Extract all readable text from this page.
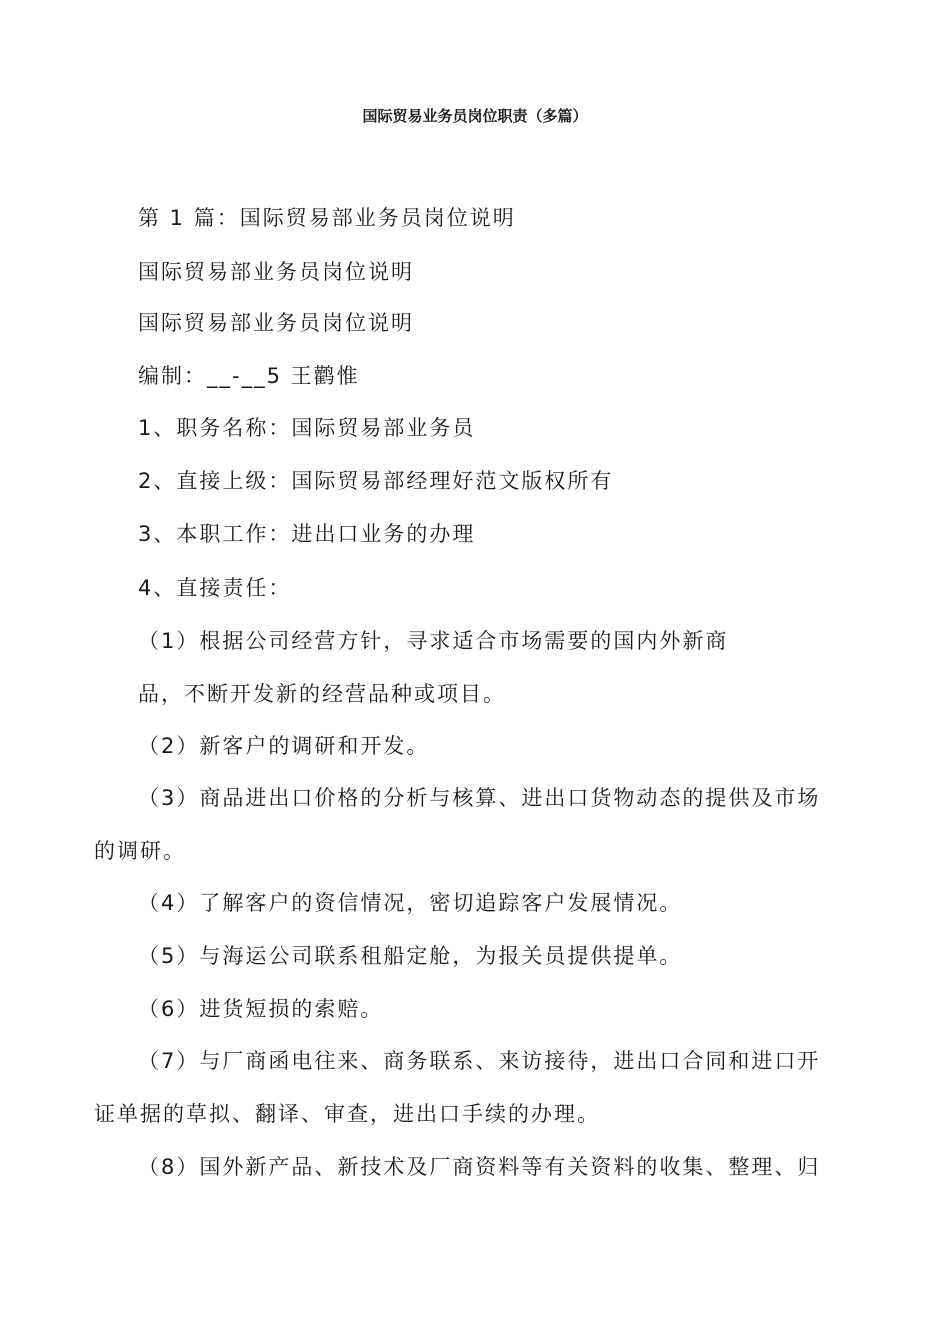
国际贸易业务员岗位职责（多篇）
第 1 篇：国际贸易部业务员岗位说明
国际贸易部业务员岗位说明
国际贸易部业务员岗位说明
编制：__-__5 王鹳惟
1、职务名称：国际贸易部业务员
2、直接上级：国际贸易部经理好范文版权所有
3、本职工作：进出口业务的办理
4、直接责任：
（1）根据公司经营方针，寻求适合市场需要的国内外新商
品，不断开发新的经营品种或项目。
（2）新客户的调研和开发。
（3）商品进出口价格的分析与核算、进出口货物动态的提供及市场
的调研。
（4）了解客户的资信情况，密切追踪客户发展情况。
（5）与海运公司联系租船定舱，为报关员提供提单。
（6）进货短损的索赔。
（7）与厂商函电往来、商务联系、来访接待，进出口合同和进口开
证单据的草拟、翻译、审查，进出口手续的办理。
（8）国外新产品、新技术及厂商资料等有关资料的收集、整理、归
